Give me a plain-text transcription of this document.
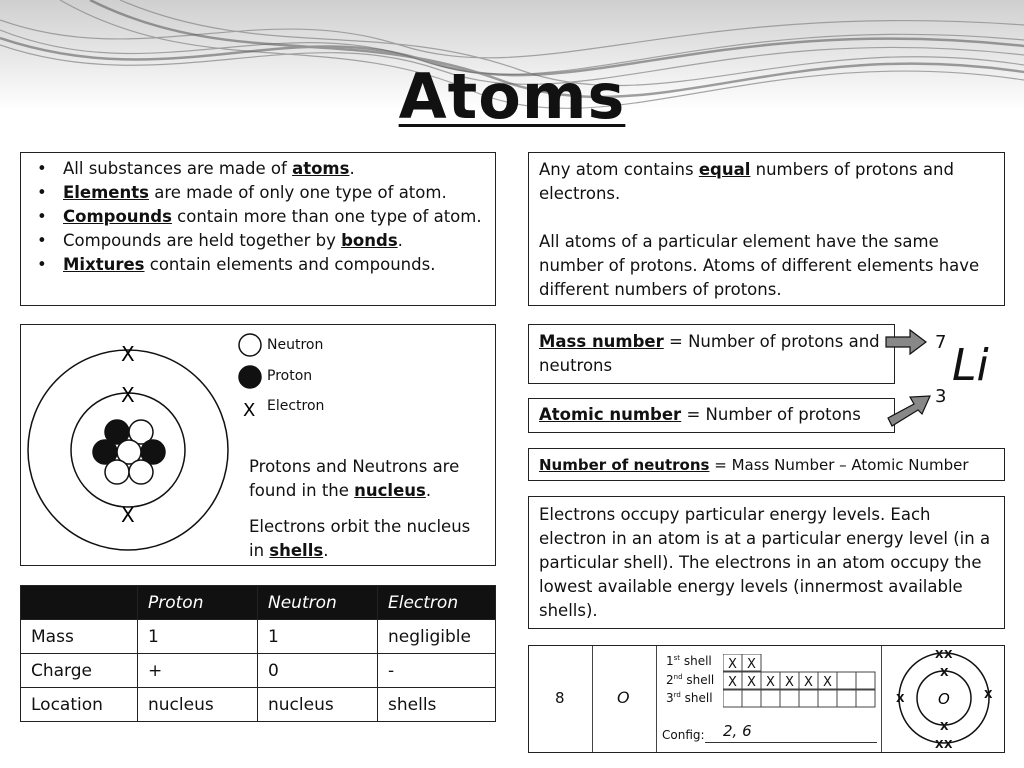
Atoms
• All substances are made of atoms.
• Elements are made of only one type of atom.
• Compounds contain more than one type of atom.
• Compounds are held together by bonds.
• Mixtures contain elements and compounds.

Any atom contains equal numbers of protons and electrons.

All atoms of a particular element have the same number of protons. Atoms of different elements have different numbers of protons.

X
X
X
X
Neutron
Proton
Electron
Protons and Neutrons are found in the nucleus.
Electrons orbit the nucleus in shells.
Mass number = Number of protons and neutrons
Atomic number = Number of protons
7 Li
3
Number of neutrons = Mass Number – Atomic Number
Electrons occupy particular energy levels. Each electron in an atom is at a particular energy level (in a particular shell). The electrons in an atom occupy the lowest available energy levels (innermost available shells).
	Proton	Neutron	Electron
Mass	1	1	negligible
Charge	+	0	-
Location	nucleus	nucleus	shells	8	O
1st shell
2nd shell
3rd shell
X X
X X X X X X
Config: 2, 6
O
X X
X X
X	X
X
X
